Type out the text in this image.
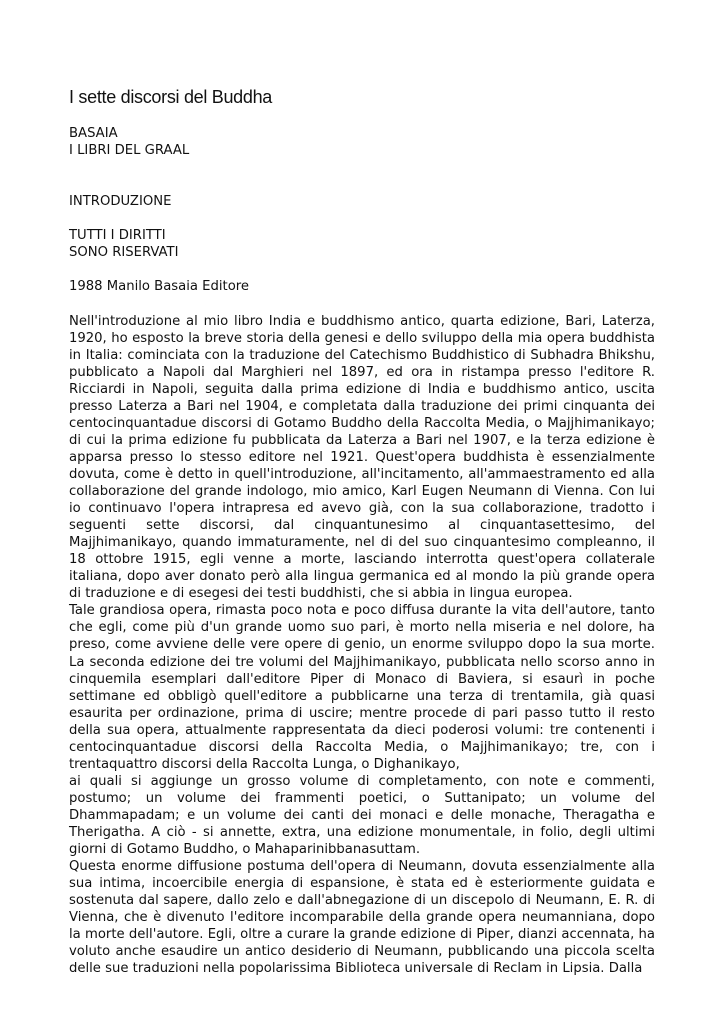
I sette discorsi del Buddha

BASAIA

I LIBRI DEL GRAAL

INTRODUZIONE

TUTTI I DIRITTI

SONO RISERVATI

1988 Manilo Basaia Editore

Nell'introduzione al mio libro India e buddhismo antico, quarta edizione, Bari, Laterza, 1920, ho esposto la breve storia della genesi e dello sviluppo della mia opera buddhista in Italia: cominciata con la traduzione del Catechismo Buddhistico di Subhadra Bhikshu, pubblicato a Napoli dal Marghieri nel 1897, ed ora in ristampa presso l'editore R. Ricciardi in Napoli, seguita dalla prima edizione di India e buddhismo antico, uscita presso Laterza a Bari nel 1904, e completata dalla traduzione dei primi cinquanta dei centocinquantadue discorsi di Gotamo Buddho della Raccolta Media, o Majjhimanikayo; di cui la prima edizione fu pubblicata da Laterza a Bari nel 1907, e la terza edizione è apparsa presso lo stesso editore nel 1921. Quest'opera buddhista è essenzialmente dovuta, come è detto in quell'introduzione, all'incitamento, all'ammaestramento ed alla collaborazione del grande indologo, mio amico, Karl Eugen Neumann di Vienna. Con lui io continuavo l'opera intrapresa ed avevo già, con la sua collaborazione, tradotto i seguenti sette discorsi, dal cinquantunesimo al cinquantasettesimo, del Majjhimanikayo, quando immaturamente, nel di del suo cinquantesimo compleanno, il 18 ottobre 1915, egli venne a morte, lasciando interrotta quest'opera collaterale italiana, dopo aver donato però alla lingua germanica ed al mondo la più grande opera di traduzione e di esegesi dei testi buddhisti, che si abbia in lingua europea.

Tale grandiosa opera, rimasta poco nota e poco diffusa durante la vita dell'autore, tanto che egli, come più d'un grande uomo suo pari, è morto nella miseria e nel dolore, ha preso, come avviene delle vere opere di genio, un enorme sviluppo dopo la sua morte. La seconda edizione dei tre volumi del Majjhimanikayo, pubblicata nello scorso anno in cinquemila esemplari dall'editore Piper di Monaco di Baviera, si esaurì in poche settimane ed obbligò quell'editore a pubblicarne una terza di trentamila, già quasi esaurita per ordinazione, prima di uscire; mentre procede di pari passo tutto il resto della sua opera, attualmente rappresentata da dieci poderosi volumi: tre contenenti i centocinquantadue discorsi della Raccolta Media, o Majjhimanikayo; tre, con i trentaquattro discorsi della Raccolta Lunga, o Dighanikayo,

ai quali si aggiunge un grosso volume di completamento, con note e commenti, postumo; un volume dei frammenti poetici, o Suttanipato; un volume del Dhammapadam; e un volume dei canti dei monaci e delle monache, Theragatha e Therigatha. A ciò - si annette, extra, una edizione monumentale, in folio, degli ultimi giorni di Gotamo Buddho, o Mahaparinibbanasuttam.

Questa enorme diffusione postuma dell'opera di Neumann, dovuta essenzialmente alla sua intima, incoercibile energia di espansione, è stata ed è esteriormente guidata e sostenuta dal sapere, dallo zelo e dall'abnegazione di un discepolo di Neumann, E. R. di Vienna, che è divenuto l'editore incomparabile della grande opera neumanniana, dopo la morte dell'autore. Egli, oltre a curare la grande edizione di Piper, dianzi accennata, ha voluto anche esaudire un antico desiderio di Neumann, pubblicando una piccola scelta delle sue traduzioni nella popolarissima Biblioteca universale di Reclam in Lipsia. Dalla
